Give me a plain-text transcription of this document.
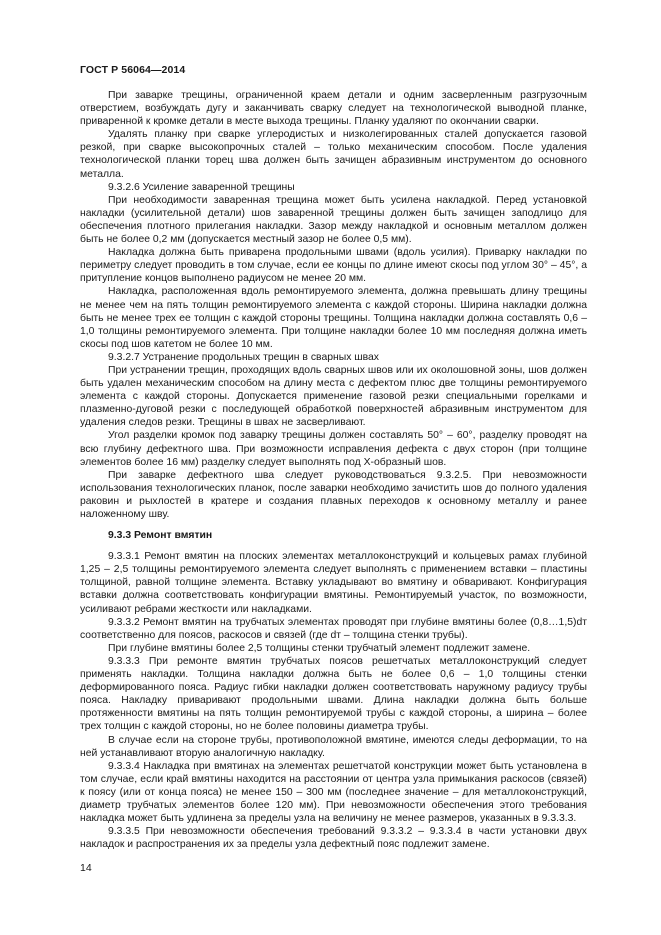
ГОСТ Р 56064—2014

При заварке трещины, ограниченной краем детали и одним засверленным разгрузочным отверстием, возбуждать дугу и заканчивать сварку следует на технологической выводной планке, приваренной к кромке детали в месте выхода трещины. Планку удаляют по окончании сварки.

Удалять планку при сварке углеродистых и низколегированных сталей допускается газовой резкой, при сварке высокопрочных сталей – только механическим способом. После удаления технологической планки торец шва должен быть зачищен абразивным инструментом до основного металла.

9.3.2.6 Усиление заваренной трещины

При необходимости заваренная трещина может быть усилена накладкой. Перед установкой накладки (усилительной детали) шов заваренной трещины должен быть зачищен заподлицо для обеспечения плотного прилегания накладки. Зазор между накладкой и основным металлом должен быть не более 0,2 мм (допускается местный зазор не более 0,5 мм).

Накладка должна быть приварена продольными швами (вдоль усилия). Приварку накладки по периметру следует проводить в том случае, если ее концы по длине имеют скосы под углом 30° – 45°, а притупление концов выполнено радиусом не менее 20 мм.

Накладка, расположенная вдоль ремонтируемого элемента, должна превышать длину трещины не менее чем на пять толщин ремонтируемого элемента с каждой стороны. Ширина накладки должна быть не менее трех ее толщин с каждой стороны трещины. Толщина накладки должна составлять 0,6 – 1,0 толщины ремонтируемого элемента. При толщине накладки более 10 мм последняя должна иметь скосы под шов катетом не более 10 мм.

9.3.2.7 Устранение продольных трещин в сварных швах

При устранении трещин, проходящих вдоль сварных швов или их околошовной зоны, шов должен быть удален механическим способом на длину места с дефектом плюс две толщины ремонтируемого элемента с каждой стороны. Допускается применение газовой резки специальными горелками и плазменно-дуговой резки с последующей обработкой поверхностей абразивным инструментом для удаления следов резки. Трещины в швах не засверливают.

Угол разделки кромок под заварку трещины должен составлять 50° – 60°, разделку проводят на всю глубину дефектного шва. При возможности исправления дефекта с двух сторон (при толщине элементов более 16 мм) разделку следует выполнять под Х-образный шов.

При заварке дефектного шва следует руководствоваться 9.3.2.5. При невозможности использования технологических планок, после заварки необходимо зачистить шов до полного удаления раковин и рыхлостей в кратере и создания плавных переходов к основному металлу и ранее наложенному шву.

9.3.3 Ремонт вмятин

9.3.3.1 Ремонт вмятин на плоских элементах металлоконструкций и кольцевых рамах глубиной 1,25 – 2,5 толщины ремонтируемого элемента следует выполнять с применением вставки – пластины толщиной, равной толщине элемента. Вставку укладывают во вмятину и обваривают. Конфигурация вставки должна соответствовать конфигурации вмятины. Ремонтируемый участок, по возможности, усиливают ребрами жесткости или накладками.

9.3.3.2 Ремонт вмятин на трубчатых элементах проводят при глубине вмятины более (0,8…1,5)dт соответственно для поясов, раскосов и связей (где dт – толщина стенки трубы).

При глубине вмятины более 2,5 толщины стенки трубчатый элемент подлежит замене.

9.3.3.3 При ремонте вмятин трубчатых поясов решетчатых металлоконструкций следует применять накладки. Толщина накладки должна быть не более 0,6 – 1,0 толщины стенки деформированного пояса. Радиус гибки накладки должен соответствовать наружному радиусу трубы пояса. Накладку приваривают продольными швами. Длина накладки должна быть больше протяженности вмятины на пять толщин ремонтируемой трубы с каждой стороны, а ширина – более трех толщин с каждой стороны, но не более половины диаметра трубы.

В случае если на стороне трубы, противоположной вмятине, имеются следы деформации, то на ней устанавливают вторую аналогичную накладку.

9.3.3.4 Накладка при вмятинах на элементах решетчатой конструкции может быть установлена в том случае, если край вмятины находится на расстоянии от центра узла примыкания раскосов (связей) к поясу (или от конца пояса) не менее 150 – 300 мм (последнее значение – для металлоконструкций, диаметр трубчатых элементов более 120 мм). При невозможности обеспечения этого требования накладка может быть удлинена за пределы узла на величину не менее размеров, указанных в 9.3.3.3.

9.3.3.5 При невозможности обеспечения требований 9.3.3.2 – 9.3.3.4 в части установки двух накладок и распространения их за пределы узла дефектный пояс подлежит замене.

14
